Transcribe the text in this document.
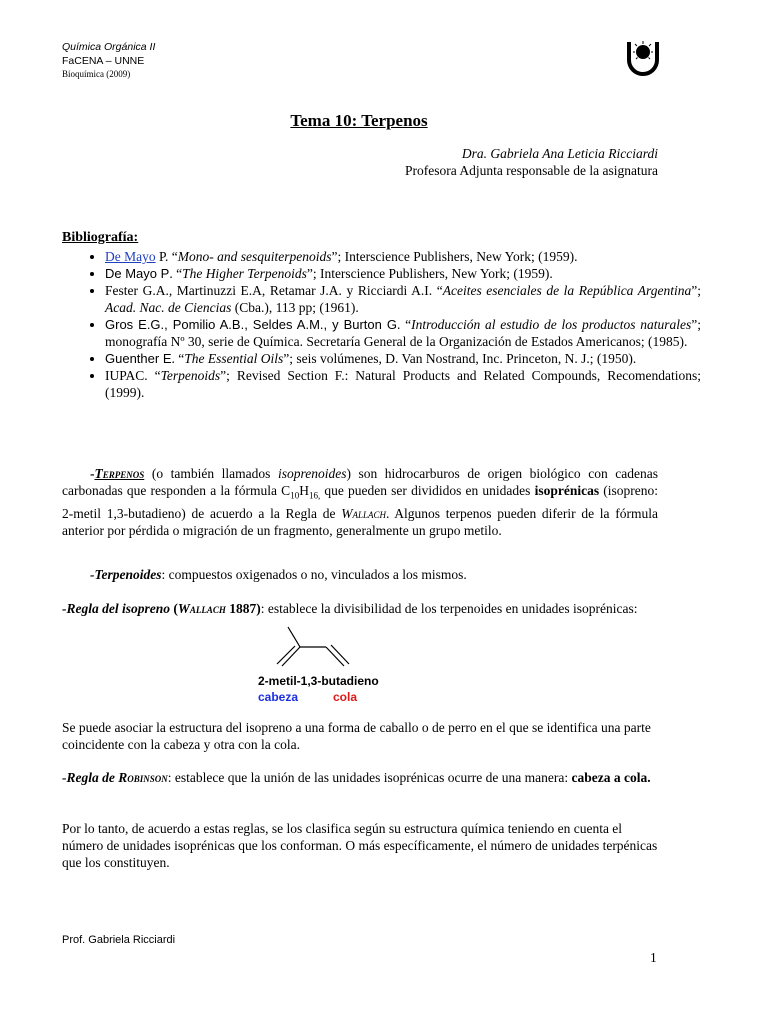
Química Orgánica II
FaCENA – UNNE
Bioquímica (2009)
Tema 10: Terpenos
Dra. Gabriela Ana Leticia Ricciardi
Profesora Adjunta responsable de la asignatura
Bibliografía:
• De Mayo P. “Mono- and sesquiterpenoids”; Interscience Publishers, New York; (1959).
• De Mayo P. “The Higher Terpenoids”; Interscience Publishers, New York; (1959).
• Fester G.A., Martinuzzi E.A, Retamar J.A. y Ricciardi A.I. “Aceites esenciales de la República Argentina”; Acad. Nac. de Ciencias (Cba.), 113 pp; (1961).
• Gros E.G., Pomilio A.B., Seldes A.M., y Burton G. “Introducción al estudio de los productos naturales”; monografía Nº 30, serie de Química. Secretaría General de la Organización de Estados Americanos; (1985).
• Guenther E. “The Essential Oils”; seis volúmenes, D. Van Nostrand, Inc. Princeton, N. J.; (1950).
• IUPAC. “Terpenoids”; Revised Section F.: Natural Products and Related Compounds, Recomendations; (1999).
-Terpenos (o también llamados isoprenoides) son hidrocarburos de origen biológico con cadenas carbonadas que responden a la fórmula $C_{10}H_{16,}$ que pueden ser divididos en unidades isoprénicas (isopreno: 2-metil 1,3-butadieno) de acuerdo a la Regla de Wallach. Algunos terpenos pueden diferir de la fórmula anterior por pérdida o migración de un fragmento, generalmente un grupo metilo.
-Terpenoides: compuestos oxigenados o no, vinculados a los mismos.
-Regla del isopreno (Wallach 1887): establece la divisibilidad de los terpenoides en unidades isoprénicas:
2-metil-1,3-butadieno
cabeza	cola
Se puede asociar la estructura del isopreno a una forma de caballo o de perro en el que se identifica una parte coincidente con la cabeza y otra con la cola.
-Regla de Robinson: establece que la unión de las unidades isoprénicas ocurre de una manera: cabeza a cola.
Por lo tanto, de acuerdo a estas reglas, se los clasifica según su estructura química teniendo en cuenta el número de unidades isoprénicas que los conforman. O más específicamente, el número de unidades terpénicas que los constituyen.
Prof. Gabriela Ricciardi
1
